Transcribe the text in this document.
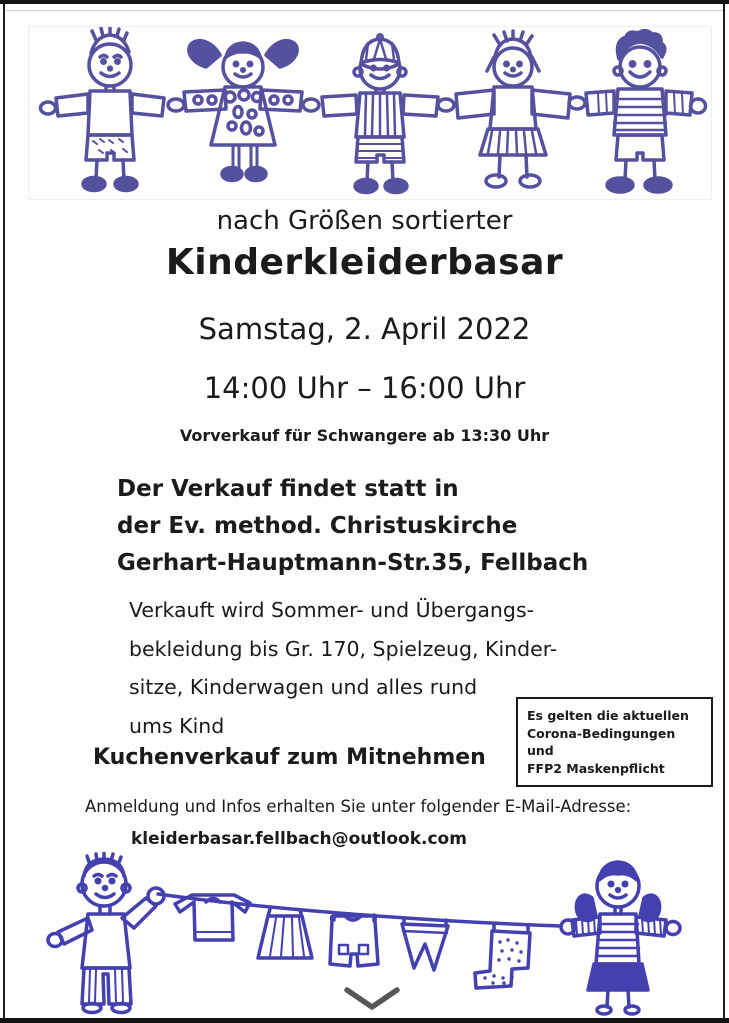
nach Größen sortierter
Kinderkleiderbasar
Samstag, 2. April 2022
14:00 Uhr – 16:00 Uhr
Vorverkauf für Schwangere ab 13:30 Uhr
Der Verkauf findet statt in
der Ev. method. Christuskirche
Gerhart-Hauptmann-Str.35, Fellbach
Verkauft wird Sommer- und Übergangs-
bekleidung bis Gr. 170, Spielzeug, Kinder-
sitze, Kinderwagen und alles rund
ums Kind	Es gelten die aktuellen
Corona-Bedingungen und
FFP2 Maskenpflicht
Kuchenverkauf zum Mitnehmen
Anmeldung und Infos erhalten Sie unter folgender E-Mail-Adresse:
kleiderbasar.fellbach@outlook.com
